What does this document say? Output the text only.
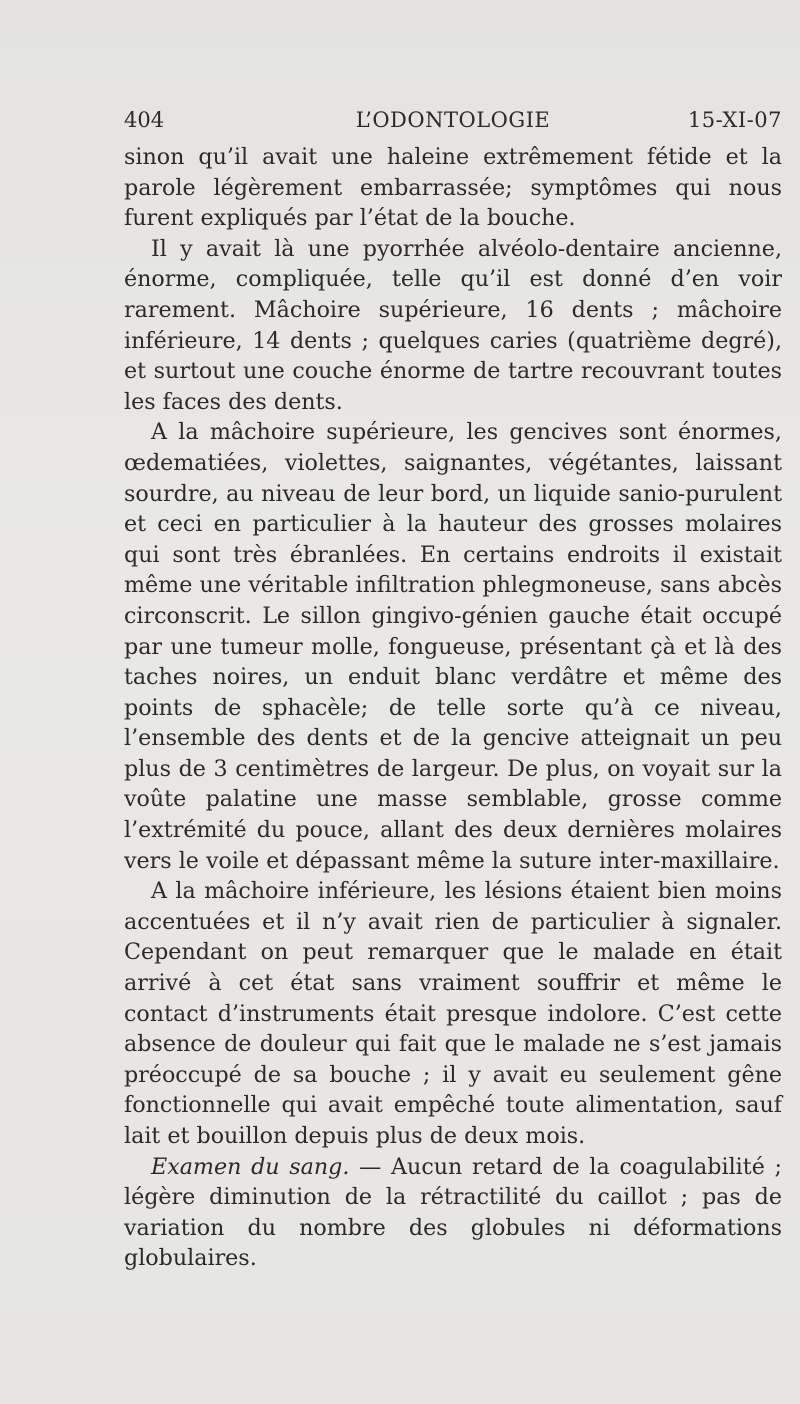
404	L’ODONTOLOGIE	15-XI-07

sinon qu’il avait une haleine extrêmement fétide et la parole légèrement embarrassée; symptômes qui nous furent expliqués par l’état de la bouche.

Il y avait là une pyorrhée alvéolo-dentaire ancienne, énorme, compliquée, telle qu’il est donné d’en voir rarement. Mâchoire supérieure, 16 dents ; mâchoire inférieure, 14 dents ; quelques caries (quatrième degré), et surtout une couche énorme de tartre recouvrant toutes les faces des dents.

A la mâchoire supérieure, les gencives sont énormes, œdematiées, violettes, saignantes, végétantes, laissant sourdre, au niveau de leur bord, un liquide sanio-purulent et ceci en particulier à la hauteur des grosses molaires qui sont très ébranlées. En certains endroits il existait même une véritable infiltration phlegmoneuse, sans abcès circonscrit. Le sillon gingivo-génien gauche était occupé par une tumeur molle, fongueuse, présentant çà et là des taches noires, un enduit blanc verdâtre et même des points de sphacèle; de telle sorte qu’à ce niveau, l’ensemble des dents et de la gencive atteignait un peu plus de 3 centimètres de largeur. De plus, on voyait sur la voûte palatine une masse semblable, grosse comme l’extrémité du pouce, allant des deux dernières molaires vers le voile et dépassant même la suture inter-maxillaire.

A la mâchoire inférieure, les lésions étaient bien moins accentuées et il n’y avait rien de particulier à signaler. Cependant on peut remarquer que le malade en était arrivé à cet état sans vraiment souffrir et même le contact d’instruments était presque indolore. C’est cette absence de douleur qui fait que le malade ne s’est jamais préoccupé de sa bouche ; il y avait eu seulement gêne fonctionnelle qui avait empêché toute alimentation, sauf lait et bouillon depuis plus de deux mois.

Examen du sang. — Aucun retard de la coagulabilité ; légère diminution de la rétractilité du caillot ; pas de variation du nombre des globules ni déformations globulaires.
